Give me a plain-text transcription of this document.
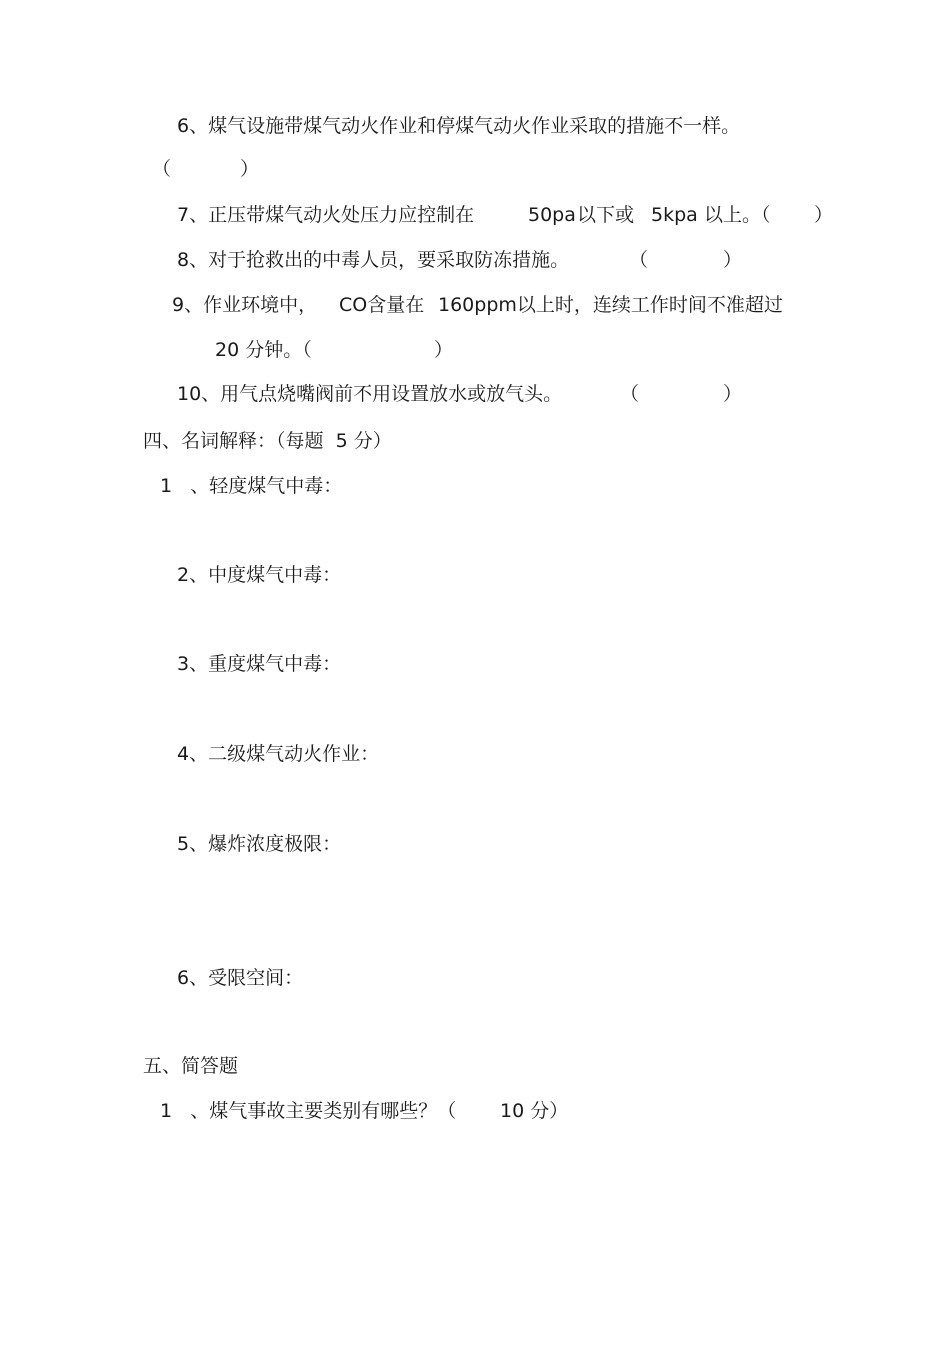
6、煤气设施带煤气动火作业和停煤气动火作业采取的措施不一样。

（

	）

7、正压带煤气动火处压力应控制在

	50pa

以下或

5kpa

以上。（

）

8、对于抢救出的中毒人员，要采取防冻措施。

	（

	）

9、作业环境中，

CO含量在

160ppm以上时，连续工作时间不准超过

20 分钟。（

	）

10、用气点烧嘴阀前不用设置放水或放气头。

	（

	）

四、名词解释：（每题  5 分）
1   、轻度煤气中毒：
2、中度煤气中毒：
3、重度煤气中毒：
4、二级煤气动火作业：
5、爆炸浓度极限：
6、受限空间：
五、简答题

1   、煤气事故主要类别有哪些？（

10 分）
